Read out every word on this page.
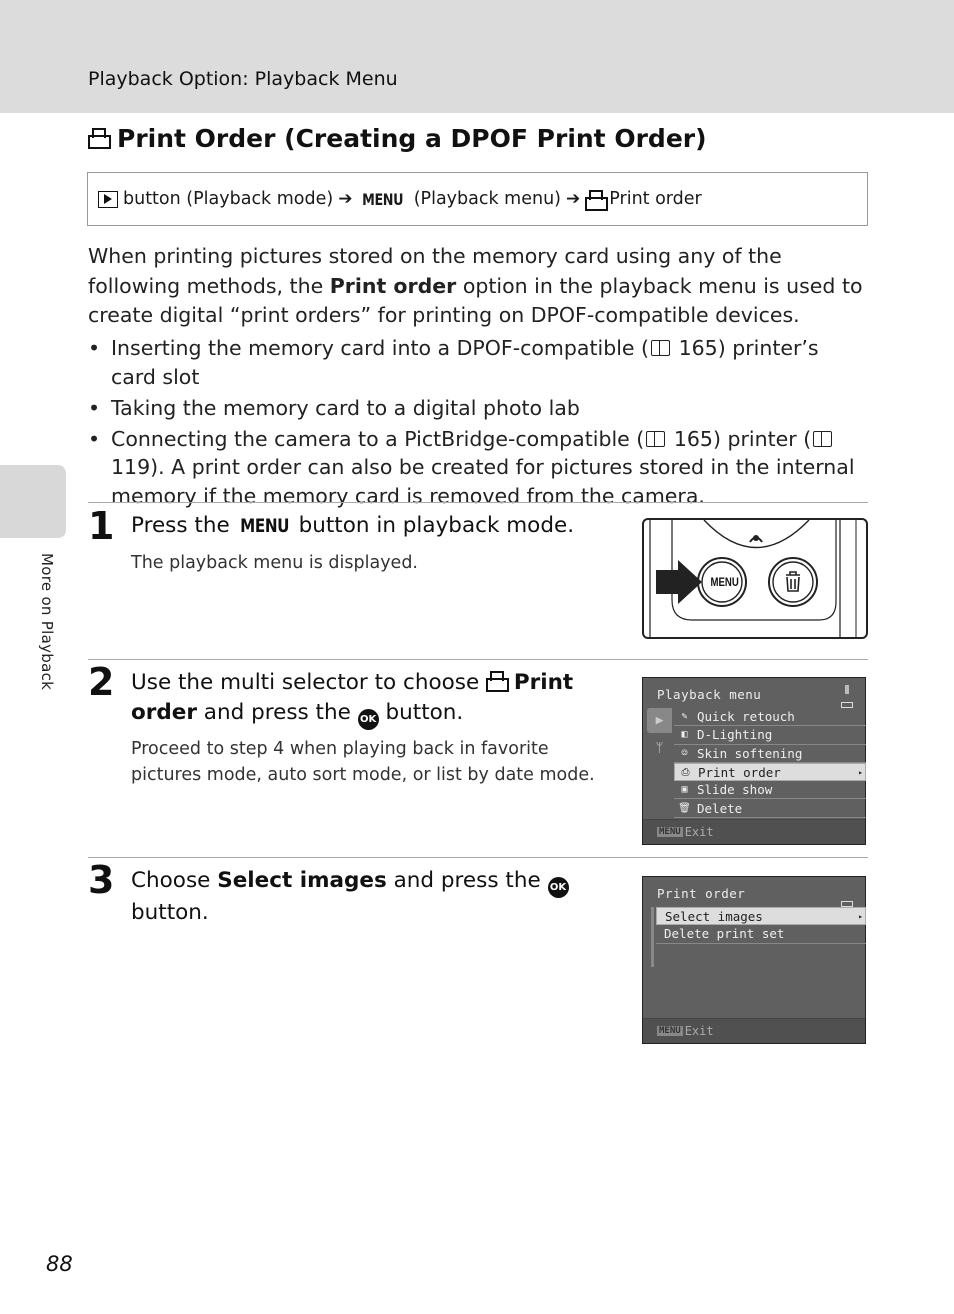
Playback Option: Playback Menu
More on Playback
Print Order (Creating a DPOF Print Order)
button (Playback mode) ➔ MENU (Playback menu) ➔ Print order

When printing pictures stored on the memory card using any of the following methods, the Print order option in the playback menu is used to create digital “print orders” for printing on DPOF-compatible devices.

• Inserting the memory card into a DPOF-compatible ( 165) printer’s card slot
• Taking the memory card to a digital photo lab
• Connecting the camera to a PictBridge-compatible ( 165) printer ( 119). A print order can also be created for pictures stored in the internal memory if the memory card is removed from the camera.
1 Press the MENU button in playback mode.
The playback menu is displayed.
MENU
2 Use the multi selector to choose  Print order and press the OK button.
Proceed to step 4 when playing back in favorite pictures mode, auto sort mode, or list by date mode.
Playback menu
▶
ᛘ
✎ Quick retouch
◧ D-Lighting
☺ Skin softening
⎙ Print order	▸
▣ Slide show
🗑 Delete
MENU Exit
3 Choose Select images and press the OK button.
Print order
Select images	▸
Delete print set
MENU Exit
88
